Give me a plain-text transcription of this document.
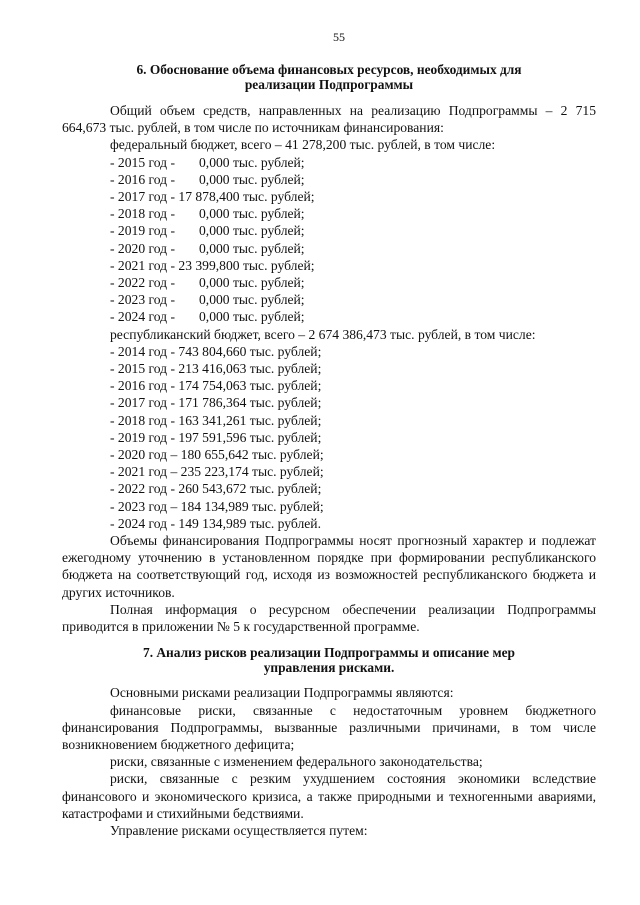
55
6. Обоснование объема финансовых ресурсов, необходимых для
реализации Подпрограммы

Общий объем средств, направленных на реализацию Подпрограммы – 2 715 664,673 тыс. рублей, в том числе по источникам финансирования:

федеральный бюджет, всего – 41 278,200 тыс. рублей, в том числе:

- 2015 год - 0,000 тыс. рублей;

- 2016 год - 0,000 тыс. рублей;

- 2017 год - 17 878,400 тыс. рублей;

- 2018 год - 0,000 тыс. рублей;

- 2019 год - 0,000 тыс. рублей;

- 2020 год - 0,000 тыс. рублей;

- 2021 год - 23 399,800 тыс. рублей;

- 2022 год - 0,000 тыс. рублей;

- 2023 год - 0,000 тыс. рублей;

- 2024 год - 0,000 тыс. рублей;

республиканский бюджет, всего – 2 674 386,473 тыс. рублей, в том числе:

- 2014 год - 743 804,660 тыс. рублей;

- 2015 год - 213 416,063 тыс. рублей;

- 2016 год - 174 754,063 тыс. рублей;

- 2017 год - 171 786,364 тыс. рублей;

- 2018 год - 163 341,261 тыс. рублей;

- 2019 год - 197 591,596 тыс. рублей;

- 2020 год – 180 655,642 тыс. рублей;

- 2021 год – 235 223,174 тыс. рублей;

- 2022 год - 260 543,672 тыс. рублей;

- 2023 год – 184 134,989 тыс. рублей;

- 2024 год - 149 134,989 тыс. рублей.

Объемы финансирования Подпрограммы носят прогнозный характер и подлежат ежегодному уточнению в установленном порядке при формировании республиканского бюджета на соответствующий год, исходя из возможностей республиканского бюджета и других источников.

Полная информация о ресурсном обеспечении реализации Подпрограммы приводится в приложении № 5 к государственной программе.

7. Анализ рисков реализации Подпрограммы и описание мер
управления рисками.

Основными рисками реализации Подпрограммы являются:

финансовые риски, связанные с недостаточным уровнем бюджетного финансирования Подпрограммы, вызванные различными причинами, в том числе возникновением бюджетного дефицита;

риски, связанные с изменением федерального законодательства;

риски, связанные с резким ухудшением состояния экономики вследствие финансового и экономического кризиса, а также природными и техногенными авариями, катастрофами и стихийными бедствиями.

Управление рисками осуществляется путем:
